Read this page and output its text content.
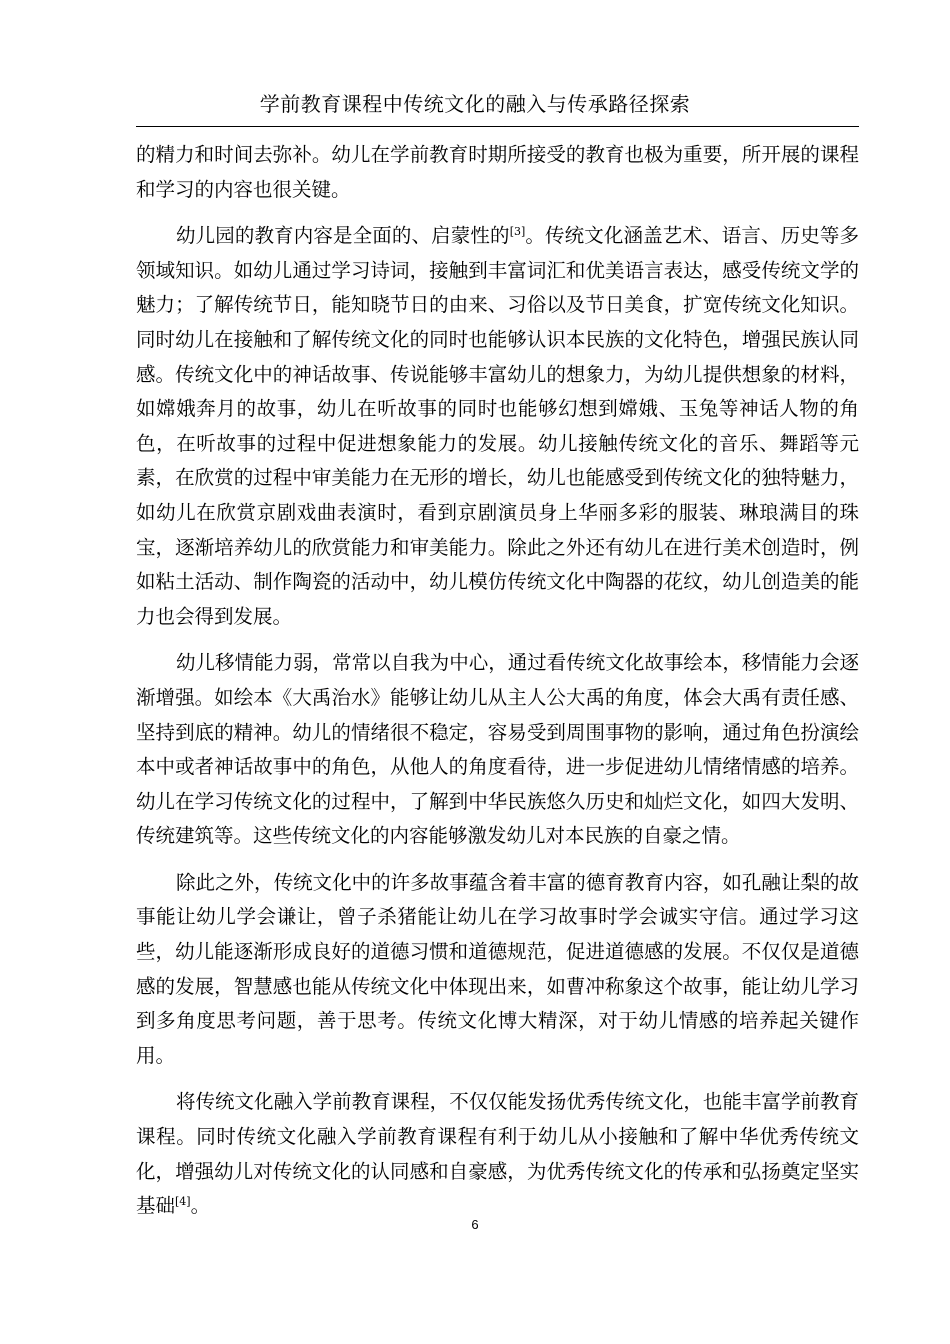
学前教育课程中传统文化的融入与传承路径探索

的精力和时间去弥补。幼儿在学前教育时期所接受的教育也极为重要，所开展的课程和学习的内容也很关键。

幼儿园的教育内容是全面的、启蒙性的[3]。传统文化涵盖艺术、语言、历史等多领域知识。如幼儿通过学习诗词，接触到丰富词汇和优美语言表达，感受传统文学的魅力；了解传统节日，能知晓节日的由来、习俗以及节日美食，扩宽传统文化知识。同时幼儿在接触和了解传统文化的同时也能够认识本民族的文化特色，增强民族认同感。传统文化中的神话故事、传说能够丰富幼儿的想象力，为幼儿提供想象的材料，如嫦娥奔月的故事，幼儿在听故事的同时也能够幻想到嫦娥、玉兔等神话人物的角色，在听故事的过程中促进想象能力的发展。幼儿接触传统文化的音乐、舞蹈等元素，在欣赏的过程中审美能力在无形的增长，幼儿也能感受到传统文化的独特魅力，如幼儿在欣赏京剧戏曲表演时，看到京剧演员身上华丽多彩的服装、琳琅满目的珠宝，逐渐培养幼儿的欣赏能力和审美能力。除此之外还有幼儿在进行美术创造时，例如粘土活动、制作陶瓷的活动中，幼儿模仿传统文化中陶器的花纹，幼儿创造美的能力也会得到发展。

幼儿移情能力弱，常常以自我为中心，通过看传统文化故事绘本，移情能力会逐渐增强。如绘本《大禹治水》能够让幼儿从主人公大禹的角度，体会大禹有责任感、坚持到底的精神。幼儿的情绪很不稳定，容易受到周围事物的影响，通过角色扮演绘本中或者神话故事中的角色，从他人的角度看待，进一步促进幼儿情绪情感的培养。幼儿在学习传统文化的过程中，了解到中华民族悠久历史和灿烂文化，如四大发明、传统建筑等。这些传统文化的内容能够激发幼儿对本民族的自豪之情。

除此之外，传统文化中的许多故事蕴含着丰富的德育教育内容，如孔融让梨的故事能让幼儿学会谦让，曾子杀猪能让幼儿在学习故事时学会诚实守信。通过学习这些，幼儿能逐渐形成良好的道德习惯和道德规范，促进道德感的发展。不仅仅是道德感的发展，智慧感也能从传统文化中体现出来，如曹冲称象这个故事，能让幼儿学习到多角度思考问题，善于思考。传统文化博大精深，对于幼儿情感的培养起关键作用。

将传统文化融入学前教育课程，不仅仅能发扬优秀传统文化，也能丰富学前教育课程。同时传统文化融入学前教育课程有利于幼儿从小接触和了解中华优秀传统文化，增强幼儿对传统文化的认同感和自豪感，为优秀传统文化的传承和弘扬奠定坚实基础[4]。

6
